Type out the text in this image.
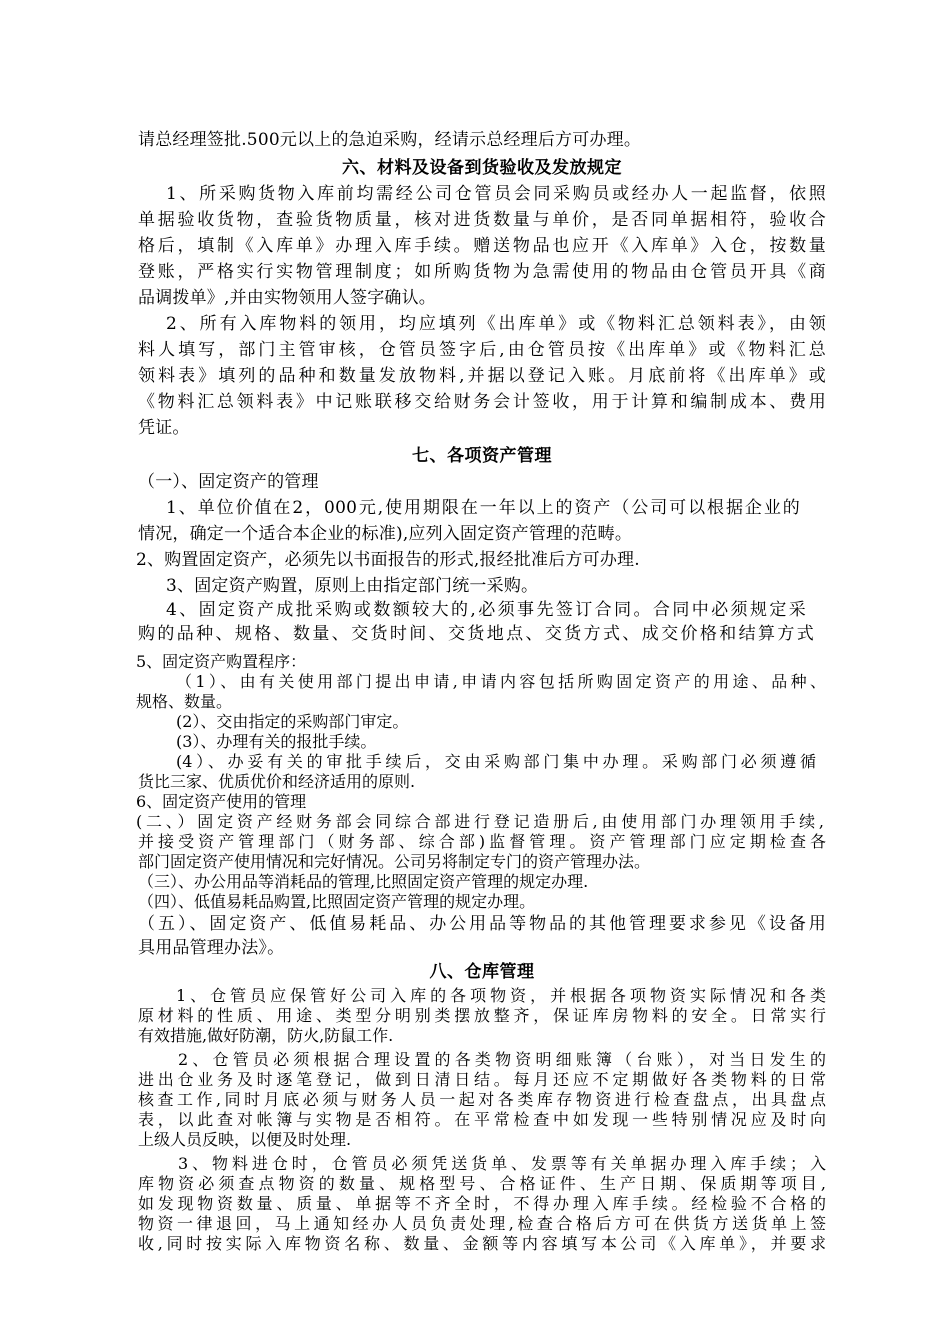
请总经理签批.500元以上的急迫采购，经请示总经理后方可办理。
六、材料及设备到货验收及发放规定
1、所采购货物入库前均需经公司仓管员会同采购员或经办人一起监督，依照
单据验收货物，查验货物质量，核对进货数量与单价，是否同单据相符，验收合
格后，填制《入库单》办理入库手续。赠送物品也应开《入库单》入仓，按数量
登账，严格实行实物管理制度；如所购货物为急需使用的物品由仓管员开具《商
品调拨单》,并由实物领用人签字确认。
2、所有入库物料的领用，均应填列《出库单》或《物料汇总领料表》，由领
料人填写，部门主管审核，仓管员签字后,由仓管员按《出库单》或《物料汇总
领料表》填列的品种和数量发放物料,并据以登记入账。月底前将《出库单》或
《物料汇总领料表》中记账联移交给财务会计签收，用于计算和编制成本、费用
凭证。
七、各项资产管理
（一）、固定资产的管理
1、单位价值在2，000元,使用期限在一年以上的资产（公司可以根据企业的
情况，确定一个适合本企业的标准),应列入固定资产管理的范畴。
2、购置固定资产，必须先以书面报告的形式,报经批准后方可办理.
3、固定资产购置，原则上由指定部门统一采购。
4、固定资产成批采购或数额较大的,必须事先签订合同。合同中必须规定采
购的品种、规格、数量、交货时间、交货地点、交货方式、成交价格和结算方式
5、固定资产购置程序：
（1）、由有关使用部门提出申请,申请内容包括所购固定资产的用途、品种、
规格、数量。
(2）、交由指定的采购部门审定。
(3）、办理有关的报批手续。
(4）、办妥有关的审批手续后，交由采购部门集中办理。采购部门必须遵循
货比三家、优质优价和经济适用的原则.
6、固定资产使用的管理
(二、）固定资产经财务部会同综合部进行登记造册后,由使用部门办理领用手续,
并接受资产管理部门（财务部、综合部)监督管理。资产管理部门应定期检查各
部门固定资产使用情况和完好情况。公司另将制定专门的资产管理办法。
（三）、办公用品等消耗品的管理,比照固定资产管理的规定办理.
（四）、低值易耗品购置,比照固定资产管理的规定办理。
（五）、固定资产、低值易耗品、办公用品等物品的其他管理要求参见《设备用
具用品管理办法》。
八、仓库管理
1、仓管员应保管好公司入库的各项物资，并根据各项物资实际情况和各类
原材料的性质、用途、类型分明别类摆放整齐，保证库房物料的安全。日常实行
有效措施,做好防潮，防火,防鼠工作.
2、仓管员必须根据合理设置的各类物资明细账簿（台账），对当日发生的
进出仓业务及时逐笔登记，做到日清日结。每月还应不定期做好各类物料的日常
核查工作,同时月底必须与财务人员一起对各类库存物资进行检查盘点，出具盘点
表，以此查对帐簿与实物是否相符。在平常检查中如发现一些特别情况应及时向
上级人员反映，以便及时处理.
3、物料进仓时，仓管员必须凭送货单、发票等有关单据办理入库手续；入
库物资必须查点物资的数量、规格型号、合格证件、生产日期、保质期等项目,
如发现物资数量、质量、单据等不齐全时，不得办理入库手续。经检验不合格的
物资一律退回，马上通知经办人员负责处理,检查合格后方可在供货方送货单上签
收,同时按实际入库物资名称、数量、金额等内容填写本公司《入库单》，并要求
